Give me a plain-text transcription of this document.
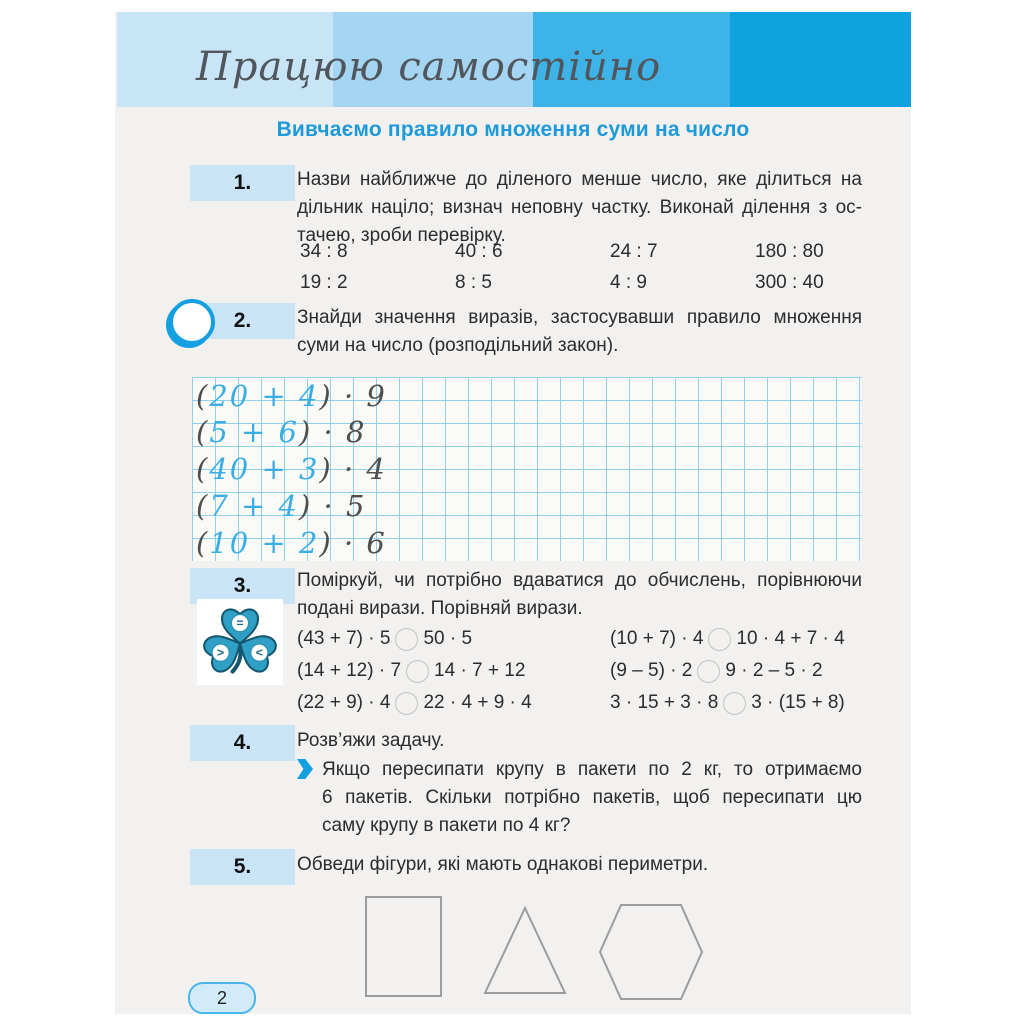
Працюю самостійно
Вивчаємо правило множення суми на число
1.	Назви найближче до діленого менше число, яке ділиться на
дільник націло; визнач неповну частку. Виконай ділення з ос-
тачею, зроби перевірку.
34 : 8	40 : 6	24 : 7	180 : 80
19 : 2	8 : 5	4 : 9	300 : 40
2.	Знайди значення виразів, застосувавши правило множення
суми на число (розподільний закон).
(20 + 4) · 9
(5 + 6) · 8
(40 + 3) · 4
(7 + 4) · 5
(10 + 2) · 6
3.
=
> <
Поміркуй, чи потрібно вдаватися до обчислень, порівнюючи
подані вирази. Порівняй вирази.
(43 + 7) · 5 50 · 5
(14 + 12) · 7 14 · 7 + 12
(22 + 9) · 4 22 · 4 + 9 · 4
(10 + 7) · 4 10 · 4 + 7 · 4
(9 – 5) · 2 9 · 2 – 5 · 2
3 · 15 + 3 · 8 3 · (15 + 8)
4.	Розв’яжи задачу.
Якщо пересипати крупу в пакети по 2 кг, то отримаємо
6 пакетів. Скільки потрібно пакетів, щоб пересипати цю
саму крупу в пакети по 4 кг?
5.	Обведи фігури, які мають однакові периметри.
2
